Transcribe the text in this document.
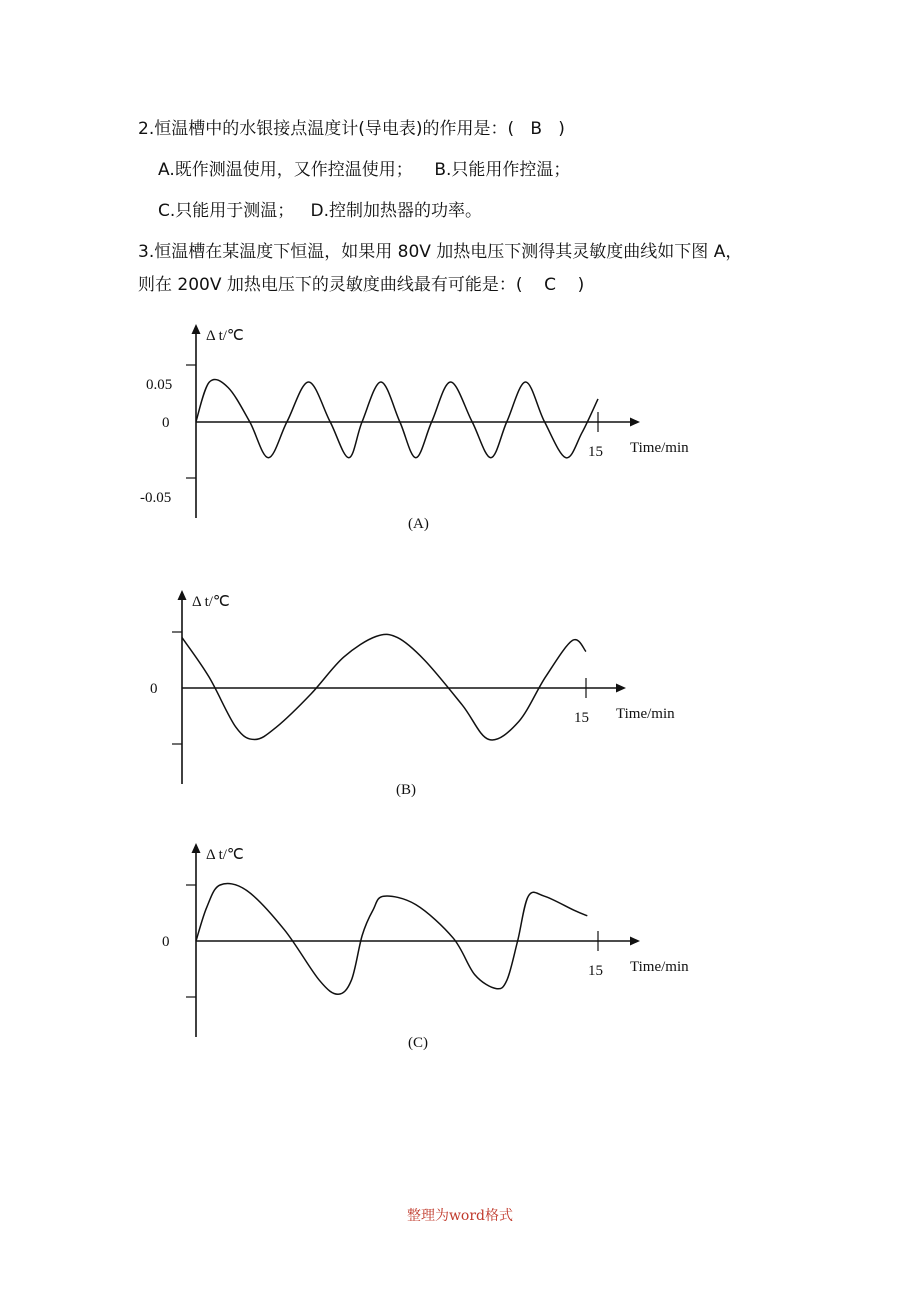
2.恒温槽中的水银接点温度计(导电表)的作用是：(   B   )
A.既作测温使用，又作控温使用；    B.只能用作控温；
C.只能用于测温；   D.控制加热器的功率。
3.恒温槽在某温度下恒温，如果用 80V 加热电压下测得其灵敏度曲线如下图 A，
则在 200V 加热电压下的灵敏度曲线最有可能是：(    C    )
Δ t/℃
0.05
0
-0.05
15 Time/min
(A)
Δ t/℃
0
15 Time/min
(B)
Δ t/℃
0
15 Time/min
(C)
整理为word格式
